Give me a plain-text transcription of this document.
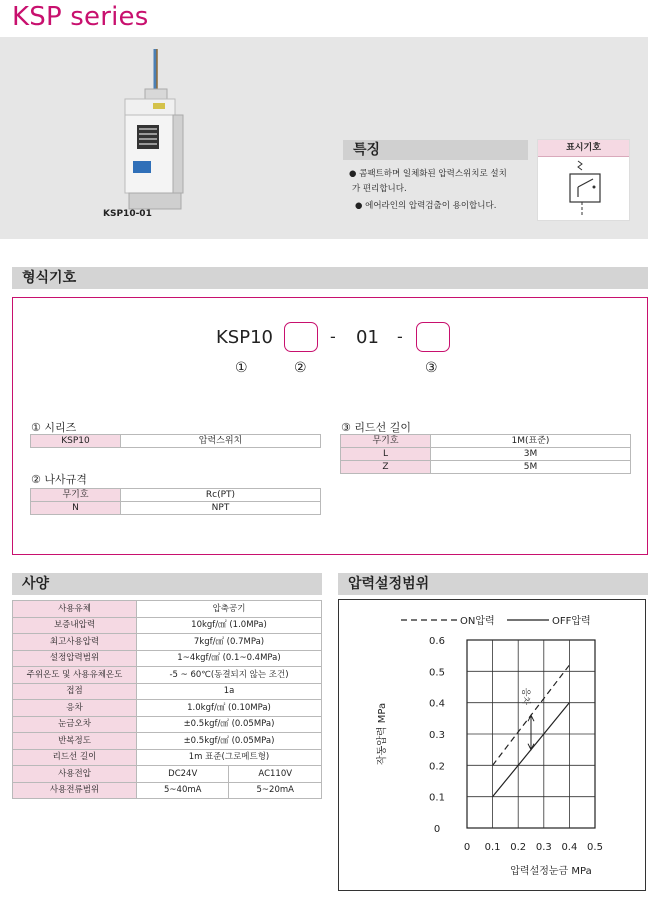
KSP series
KSP10-01
특징
● 콤팩트하며 일체화된 압력스위치로 설치
가 편리합니다.
● 에어라인의 압력검출이 용이합니다.
표시기호
형식기호
KSP10	- 01 -
①	②	③
① 시리즈
KSP10	압력스위치
② 나사규격
무기호	Rc(PT)
N	NPT
③ 리드선 길이
무기호	1M(표준)
L	3M
Z	5M
사양
사용유체	압축공기	
보증내압력	10kgf/㎠ (1.0MPa)	
최고사용압력	7kgf/㎠ (0.7MPa)	
설정압력범위	1~4kgf/㎠ (0.1~0.4MPa)	
주위온도 및 사용유체온도	-5 ~ 60℃(동결되지 않는 조건)	
접점	1a	
응차	1.0kgf/㎠ (0.10MPa)	
눈금오차	±0.5kgf/㎠ (0.05MPa)	
반복정도	±0.5kgf/㎠ (0.05MPa)	
리드선 길이	1m 표준(그로메트형)	
사용전압	DC24V	AC110V
사용전류범위	5~40mA	5~20mA
압력설정범위
0 0.1 0.2 0.3 0.4 0.5
0
0.1
0.2
0.3
0.4
0.5
0.6
응차
ON압력	OFF압력
압력설정눈금 MPa
작동압력 MPa
